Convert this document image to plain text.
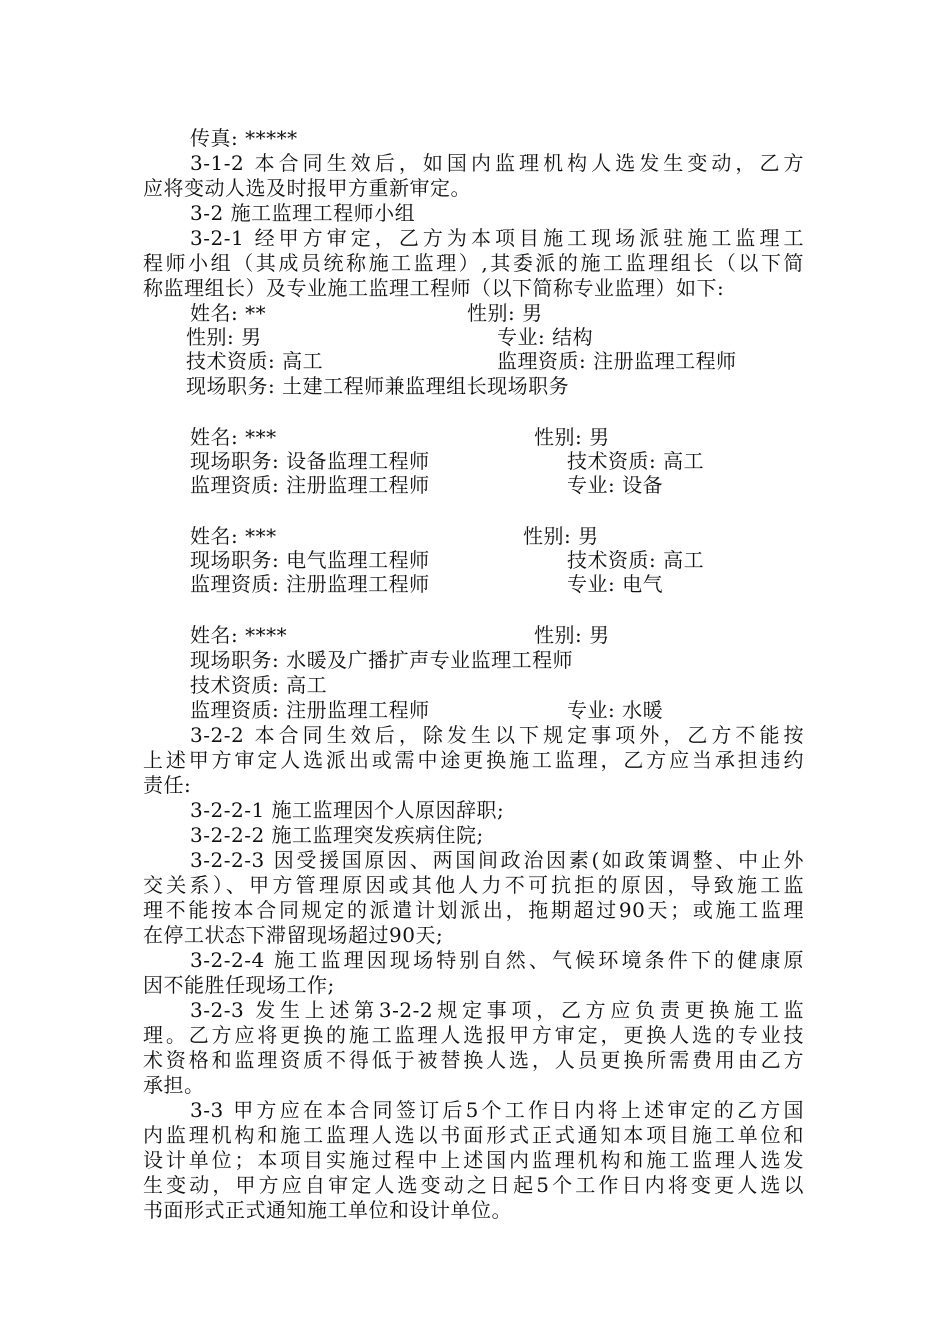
传真: *****
3-1-2 本合同生效后，如国内监理机构人选发生变动，乙方
应将变动人选及时报甲方重新审定。
3-2 施工监理工程师小组
3-2-1 经甲方审定，乙方为本项目施工现场派驻施工监理工
程师小组（其成员统称施工监理）,其委派的施工监理组长（以下简
称监理组长）及专业施工监理工程师（以下简称专业监理）如下:
姓名: **	性别: 男
性别: 男	专业: 结构
技术资质: 高工	监理资质: 注册监理工程师
现场职务: 土建工程师兼监理组长现场职务
姓名: ***	性别: 男
现场职务: 设备监理工程师	技术资质: 高工
监理资质: 注册监理工程师	专业: 设备
姓名: ***	性别: 男
现场职务: 电气监理工程师	技术资质: 高工
监理资质: 注册监理工程师	专业: 电气
姓名: ****	性别: 男
现场职务: 水暖及广播扩声专业监理工程师
技术资质: 高工
监理资质: 注册监理工程师	专业: 水暖
3-2-2 本合同生效后，除发生以下规定事项外，乙方不能按
上述甲方审定人选派出或需中途更换施工监理，乙方应当承担违约
责任:
3-2-2-1 施工监理因个人原因辞职;
3-2-2-2 施工监理突发疾病住院;
3-2-2-3 因受援国原因、两国间政治因素(如政策调整、中止外
交关系）、甲方管理原因或其他人力不可抗拒的原因，导致施工监
理不能按本合同规定的派遣计划派出，拖期超过90天；或施工监理
在停工状态下滞留现场超过90天;
3-2-2-4 施工监理因现场特别自然、气候环境条件下的健康原
因不能胜任现场工作;
3-2-3 发生上述第3-2-2规定事项，乙方应负责更换施工监
理。乙方应将更换的施工监理人选报甲方审定，更换人选的专业技
术资格和监理资质不得低于被替换人选，人员更换所需费用由乙方
承担。
3-3 甲方应在本合同签订后5个工作日内将上述审定的乙方国
内监理机构和施工监理人选以书面形式正式通知本项目施工单位和
设计单位；本项目实施过程中上述国内监理机构和施工监理人选发
生变动，甲方应自审定人选变动之日起5个工作日内将变更人选以
书面形式正式通知施工单位和设计单位。
